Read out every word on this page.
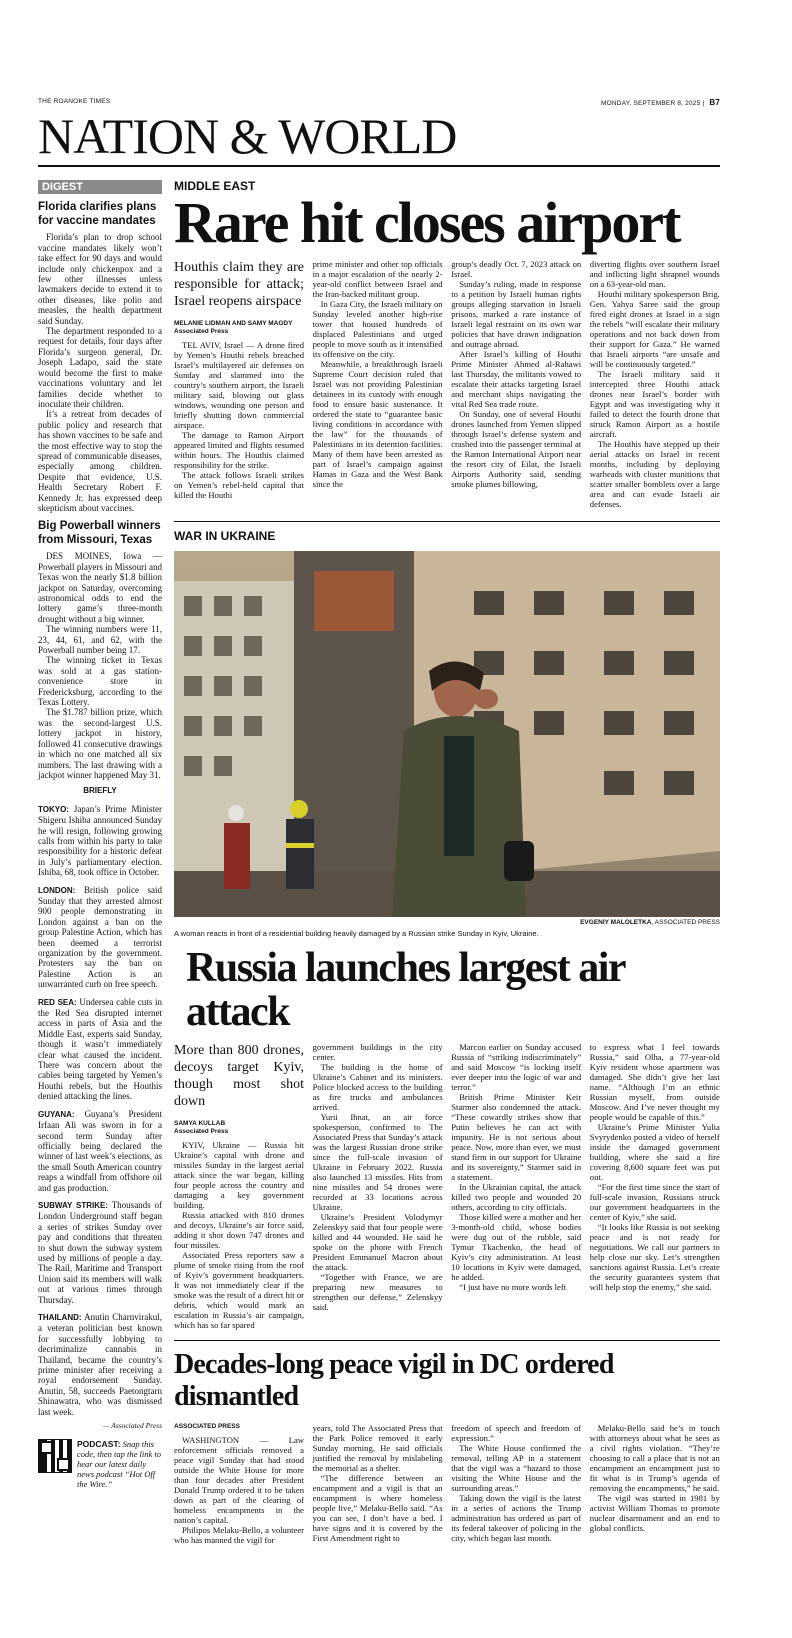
THE ROANOKE TIMES	MONDAY, SEPTEMBER 8, 2025 | B7
NATION & WORLD
DIGEST
Florida clarifies plans for vaccine mandates

Florida’s plan to drop school vaccine mandates likely won’t take effect for 90 days and would include only chickenpox and a few other illnesses unless lawmakers decide to extend it to other diseases, like polio and measles, the health department said Sunday.

The department responded to a request for details, four days after Florida’s surgeon general, Dr. Joseph Ladapo, said the state would become the first to make vaccinations voluntary and let families decide whether to inoculate their children.

It’s a retreat from decades of public policy and research that has shown vaccines to be safe and the most effective way to stop the spread of communicable diseases, especially among children. Despite that evidence, U.S. Health Secretary Robert F. Kennedy Jr. has expressed deep skepticism about vaccines.

Big Powerball winners from Missouri, Texas

DES MOINES, Iowa — Powerball players in Missouri and Texas won the nearly $1.8 billion jackpot on Saturday, overcoming astronomical odds to end the lottery game’s three-month drought without a big winner.

The winning numbers were 11, 23, 44, 61, and 62, with the Powerball number being 17.

The winning ticket in Texas was sold at a gas station-convenience store in Fredericksburg, according to the Texas Lottery.

The $1.787 billion prize, which was the second-largest U.S. lottery jackpot in history, followed 41 consecutive drawings in which no one matched all six numbers. The last drawing with a jackpot winner happened May 31.

BRIEFLY

TOKYO: Japan’s Prime Minister Shigeru Ishiba announced Sunday he will resign, following growing calls from within his party to take responsibility for a historic defeat in July’s parliamentary election. Ishiba, 68, took office in October.

LONDON: British police said Sunday that they arrested almost 900 people demonstrating in London against a ban on the group Palestine Action, which has been deemed a terrorist organization by the government. Protesters say the ban on Palestine Action is an unwarranted curb on free speech.

RED SEA: Undersea cable cuts in the Red Sea disrupted internet access in parts of Asia and the Middle East, experts said Sunday, though it wasn’t immediately clear what caused the incident. There was concern about the cables being targeted by Yemen’s Houthi rebels, but the Houthis denied attacking the lines.

GUYANA: Guyana’s President Irfaan Ali was sworn in for a second term Sunday after officially being declared the winner of last week’s elections, as the small South American country reaps a windfall from offshore oil and gas production.

SUBWAY STRIKE: Thousands of London Underground staff began a series of strikes Sunday over pay and conditions that threaten to shut down the subway system used by millions of people a day. The Rail, Maritime and Transport Union said its members will walk out at various times through Thursday.

THAILAND: Anutin Charnvirakul, a veteran politician best known for successfully lobbying to decriminalize cannabis in Thailand, became the country’s prime minister after receiving a royal endorsement Sunday. Anutin, 58, succeeds Paetongtarn Shinawatra, who was dismissed last week.

— Associated Press
PODCAST: Snap this code, then tap the link to hear our latest daily news podcast “Hot Off the Wire.”
MIDDLE EAST
Rare hit closes airport
Houthis claim they are responsible for attack; Israel reopens airspace
MELANIE LIDMAN AND SAMY MAGDY
Associated Press

TEL AVIV, Israel — A drone fired by Yemen’s Houthi rebels breached Israel’s multilayered air defenses on Sunday and slammed into the country’s southern airport, the Israeli military said, blowing out glass windows, wounding one person and briefly shutting down commercial airspace.

The damage to Ramon Airport appeared limited and flights resumed within hours. The Houthis claimed responsibility for the strike.

The attack follows Israeli strikes on Yemen’s rebel-held capital that killed the Houthi

prime minister and other top officials in a major escalation of the nearly 2-year-old conflict between Israel and the Iran-backed militant group.

In Gaza City, the Israeli military on Sunday leveled another high-rise tower that housed hundreds of displaced Palestinians and urged people to move south as it intensified its offensive on the city.

Meanwhile, a breakthrough Israeli Supreme Court decision ruled that Israel was not providing Palestinian detainees in its custody with enough food to ensure basic sustenance. It ordered the state to “guarantee basic living conditions in accordance with the law” for the thousands of Palestinians in its detention facilities. Many of them have been arrested as part of Israel’s campaign against Hamas in Gaza and the West Bank since the

group’s deadly Oct. 7, 2023 attack on Israel.

Sunday’s ruling, made in response to a petition by Israeli human rights groups alleging starvation in Israeli prisons, marked a rare instance of Israeli legal restraint on its own war policies that have drawn indignation and outrage abroad.

After Israel’s killing of Houthi Prime Minister Ahmed al-Rahawi last Thursday, the militants vowed to escalate their attacks targeting Israel and merchant ships navigating the vital Red Sea trade route.

On Sunday, one of several Houthi drones launched from Yemen slipped through Israel’s defense system and crashed into the passenger terminal at the Ramon International Airport near the resort city of Eilat, the Israeli Airports Authority said, sending smoke plumes billowing,

diverting flights over southern Israel and inflicting light shrapnel wounds on a 63-year-old man.

Houthi military spokesperson Brig. Gen. Yahya Saree said the group fired eight drones at Israel in a sign the rebels “will escalate their military operations and not back down from their support for Gaza.” He warned that Israeli airports “are unsafe and will be continuously targeted.”

The Israeli military said it intercepted three Houthi attack drones near Israel’s border with Egypt and was investigating why it failed to detect the fourth drone that struck Ramon Airport as a hostile aircraft.

The Houthis have stepped up their aerial attacks on Israel in recent months, including by deploying warheads with cluster munitions that scatter smaller bomblets over a large area and can evade Israeli air defenses.

WAR IN UKRAINE
EVGENIY MALOLETKA, ASSOCIATED PRESS
A woman reacts in front of a residential building heavily damaged by a Russian strike Sunday in Kyiv, Ukraine.
Russia launches largest air attack
More than 800 drones, decoys target Kyiv, though most shot down
SAMYA KULLAB
Associated Press

KYIV, Ukraine — Russia hit Ukraine’s capital with drone and missiles Sunday in the largest aerial attack since the war began, killing four people across the country and damaging a key government building.

Russia attacked with 810 drones and decoys, Ukraine’s air force said, adding it shot down 747 drones and four missiles.

Associated Press reporters saw a plume of smoke rising from the roof of Kyiv’s government headquarters. It was not immediately clear if the smoke was the result of a direct hit or debris, which would mark an escalation in Russia’s air campaign, which has so far spared

government buildings in the city center.

The building is the home of Ukraine’s Cabinet and its ministers. Police blocked access to the building as fire trucks and ambulances arrived.

Yurii Ihnat, an air force spokesperson, confirmed to The Associated Press that Sunday’s attack was the largest Russian drone strike since the full-scale invasion of Ukraine in February 2022. Russia also launched 13 missiles. Hits from nine missiles and 54 drones were recorded at 33 locations across Ukraine.

Ukraine’s President Volodymyr Zelenskyy said that four people were killed and 44 wounded. He said he spoke on the phone with French President Emmanuel Macron about the attack.

“Together with France, we are preparing new measures to strengthen our defense,” Zelenskyy said.

Marcon earlier on Sunday accused Russia of “striking indiscriminately” and said Moscow “is locking itself ever deeper into the logic of war and terror.”

British Prime Minister Keir Starmer also condemned the attack. “These cowardly strikes show that Putin believes he can act with impunity. He is not serious about peace. Now, more than ever, we must stand firm in our support for Ukraine and its sovereignty,” Starmer said in a statement.

In the Ukrainian capital, the attack killed two people and wounded 20 others, according to city officials.

Those killed were a mother and her 3-month-old child, whose bodies were dug out of the rubble, said Tymur Tkachenko, the head of Kyiv’s city administration. At least 10 locations in Kyiv were damaged, he added.

“I just have no more words left

to express what I feel towards Russia,” said Olha, a 77-year-old Kyiv resident whose apartment was damaged. She didn’t give her last name. “Although I’m an ethnic Russian myself, from outside Moscow. And I’ve never thought my people would be capable of this.”

Ukraine’s Prime Minister Yulia Svyrydenko posted a video of herself inside the damaged government building, where she said a fire covering 8,600 square feet was put out.

“For the first time since the start of full-scale invasion, Russians struck our government headquarters in the center of Kyiv,” she said.

“It looks like Russia is not seeking peace and is not ready for negotiations. We call our partners to help close our sky. Let’s strengthen sanctions against Russia. Let’s create the security guarantees system that will help stop the enemy,” she said.

Decades-long peace vigil in DC ordered dismantled
ASSOCIATED PRESS

WASHINGTON — Law enforcement officials removed a peace vigil Sunday that had stood outside the White House for more than four decades after President Donald Trump ordered it to be taken down as part of the clearing of homeless encampments in the nation’s capital.

Philipos Melaku-Bello, a volunteer who has manned the vigil for

years, told The Associated Press that the Park Police removed it early Sunday morning. He said officials justified the removal by mislabeling the memorial as a shelter.

“The difference between an encampment and a vigil is that an encampment is where homeless people live,” Melaku-Bello said. “As you can see, I don’t have a bed. I have signs and it is covered by the First Amendment right to

freedom of speech and freedom of expression.”

The White House confirmed the removal, telling AP in a statement that the vigil was a “hazard to those visiting the White House and the surrounding areas.”

Taking down the vigil is the latest in a series of actions the Trump administration has ordered as part of its federal takeover of policing in the city, which began last month.

Melaku-Bello said he’s in touch with attorneys about what he sees as a civil rights violation. “They’re choosing to call a place that is not an encampment an encampment just to fit what is in Trump’s agenda of removing the encampments,” he said.

The vigil was started in 1981 by activist William Thomas to promote nuclear disarmament and an end to global conflicts.
